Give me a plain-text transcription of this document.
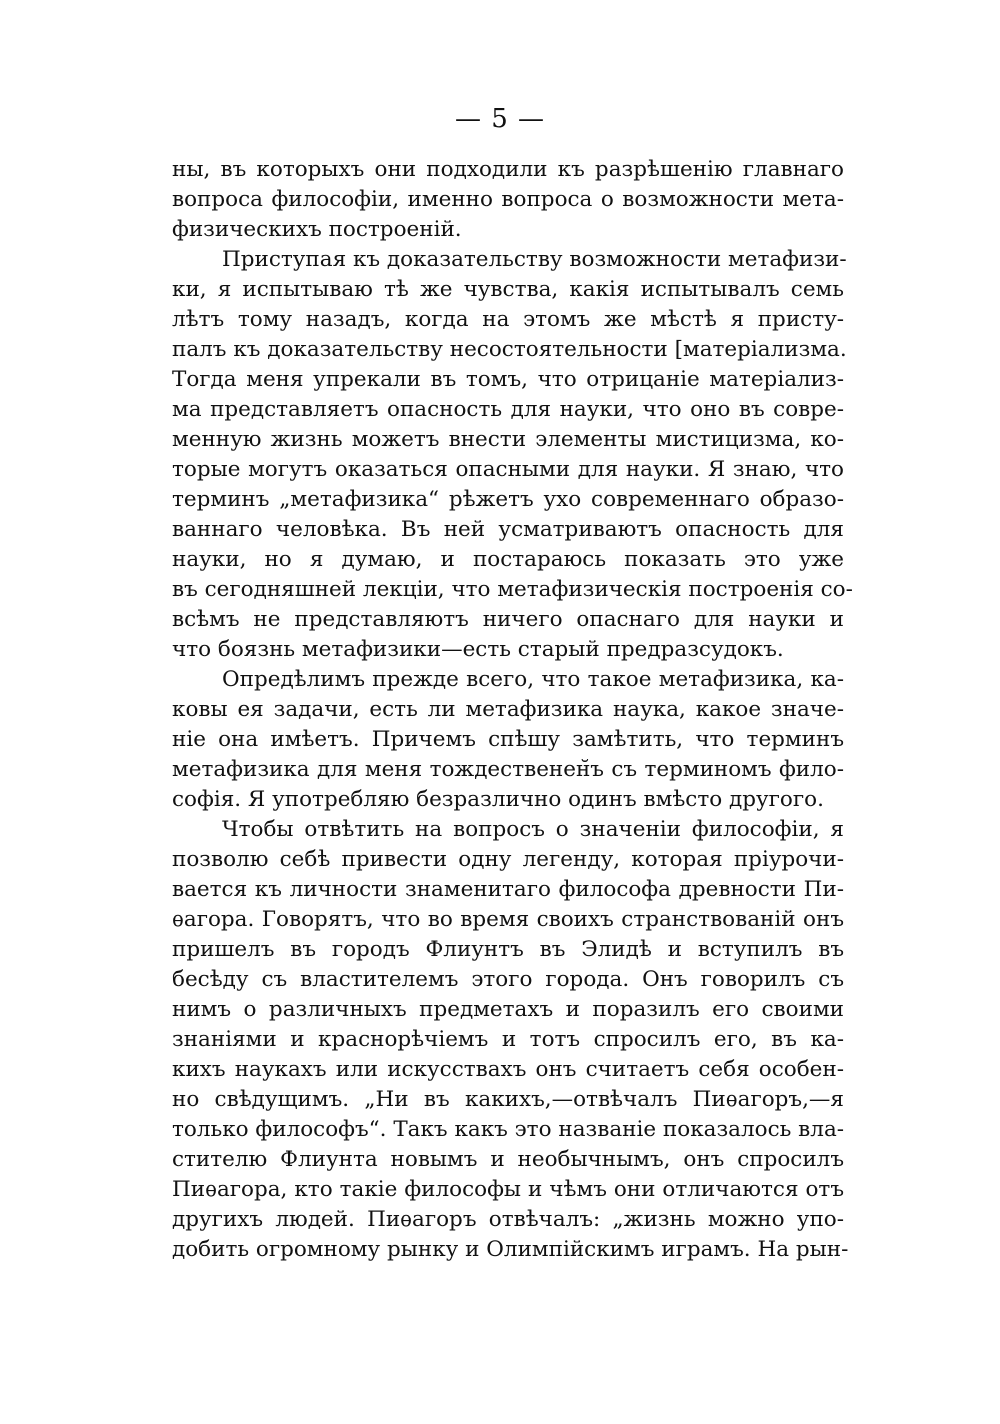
— 5 —
ны, въ которыхъ они подходили къ разрѣшенію главнаго
вопроса философіи, именно вопроса о возможности мета-
физическихъ построеній.
Приступая къ доказательству возможности метафизи-
ки, я испытываю тѣ же чувства, какія испытывалъ семь
лѣтъ тому назадъ, когда на этомъ же мѣстѣ я присту-
палъ къ доказательству несостоятельности [матеріализма.
Тогда меня упрекали въ томъ, что отрицаніе матеріализ-
ма представляетъ опасность для науки, что оно въ совре-
менную жизнь можетъ внести элементы мистицизма, ко-
торые могутъ оказаться опасными для науки. Я знаю, что
терминъ „метафизика“ рѣжетъ ухо современнаго образо-
ваннаго человѣка. Въ ней усматриваютъ опасность для
науки, но я думаю, и постараюсь показать это уже
въ сегодняшней лекціи, что метафизическія построенія со-
всѣмъ не представляютъ ничего опаснаго для науки и
что боязнь метафизики—есть старый предразсудокъ.
Опредѣлимъ прежде всего, что такое метафизика, ка-
ковы ея задачи, есть ли метафизика наука, какое значе-
ніе она имѣетъ. Причемъ спѣшу замѣтить, что терминъ
метафизика для меня тождественен̆ъ съ терминомъ фило-
софія. Я употребляю безразлично одинъ вмѣсто другого.
Чтобы отвѣтить на вопросъ о значеніи философіи, я
позволю себѣ привести одну легенду, которая пріурочи-
вается къ личности знаменитаго философа древности Пи-
ѳагора. Говорятъ, что во время своихъ странствованій онъ
пришелъ въ городъ Флиунтъ въ Элидѣ и вступилъ въ
бесѣду съ властителемъ этого города. Онъ говорилъ съ
нимъ о различныхъ предметахъ и поразилъ его своими
знаніями и краснорѣчіемъ и тотъ спросилъ его, въ ка-
кихъ наукахъ или искусствахъ онъ считаетъ себя особен-
но свѣдущимъ. „Ни въ какихъ,—отвѣчалъ Пиѳагоръ,—я
только философъ“. Такъ какъ это названіе показалось вла-
стителю Флиунта новымъ и необычнымъ, онъ спросилъ
Пиѳагора, кто такіе философы и чѣмъ они отличаются отъ
другихъ людей. Пиѳагоръ отвѣчалъ: „жизнь можно упо-
добить огромному рынку и Олимпійскимъ играмъ. На рын-
